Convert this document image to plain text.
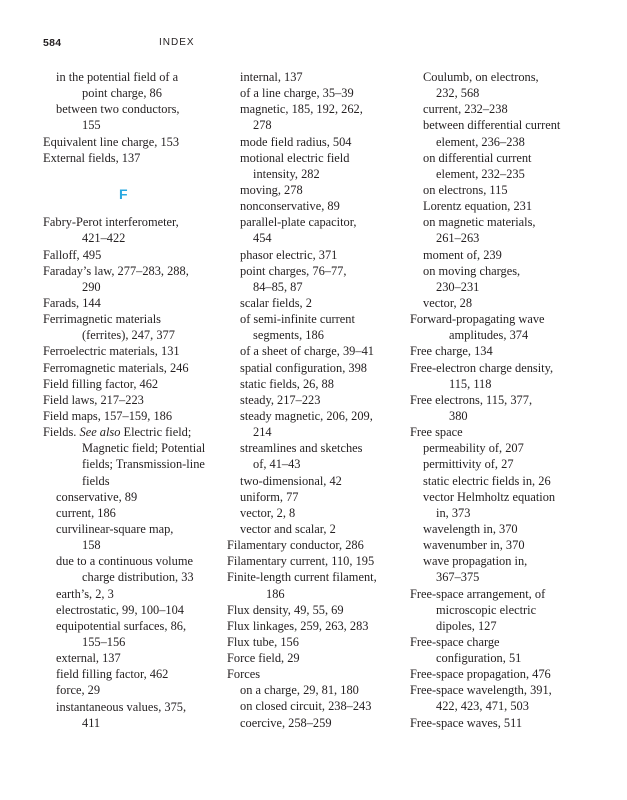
584	INDEX
in the potential field of a
point charge, 86
between two conductors,
155
Equivalent line charge, 153
External fields, 137
F
Fabry-Perot interferometer,
421–422
Falloff, 495
Faraday’s law, 277–283, 288,
290
Farads, 144
Ferrimagnetic materials
(ferrites), 247, 377
Ferroelectric materials, 131
Ferromagnetic materials, 246
Field filling factor, 462
Field laws, 217–223
Field maps, 157–159, 186
Fields. See also Electric field;
Magnetic field; Potential
fields; Transmission-line
fields
conservative, 89
current, 186
curvilinear-square map,
158
due to a continuous volume
charge distribution, 33
earth’s, 2, 3
electrostatic, 99, 100–104
equipotential surfaces, 86,
155–156
external, 137
field filling factor, 462
force, 29
instantaneous values, 375,
411
internal, 137
of a line charge, 35–39
magnetic, 185, 192, 262,
278
mode field radius, 504
motional electric field
intensity, 282
moving, 278
nonconservative, 89
parallel-plate capacitor,
454
phasor electric, 371
point charges, 76–77,
84–85, 87
scalar fields, 2
of semi-infinite current
segments, 186
of a sheet of charge, 39–41
spatial configuration, 398
static fields, 26, 88
steady, 217–223
steady magnetic, 206, 209,
214
streamlines and sketches
of, 41–43
two-dimensional, 42
uniform, 77
vector, 2, 8
vector and scalar, 2
Filamentary conductor, 286
Filamentary current, 110, 195
Finite-length current filament,
186
Flux density, 49, 55, 69
Flux linkages, 259, 263, 283
Flux tube, 156
Force field, 29
Forces
on a charge, 29, 81, 180
on closed circuit, 238–243
coercive, 258–259
Coulumb, on electrons,
232, 568
current, 232–238
between differential current
element, 236–238
on differential current
element, 232–235
on electrons, 115
Lorentz equation, 231
on magnetic materials,
261–263
moment of, 239
on moving charges,
230–231
vector, 28
Forward-propagating wave
amplitudes, 374
Free charge, 134
Free-electron charge density,
115, 118
Free electrons, 115, 377,
380
Free space
permeability of, 207
permittivity of, 27
static electric fields in, 26
vector Helmholtz equation
in, 373
wavelength in, 370
wavenumber in, 370
wave propagation in,
367–375
Free-space arrangement, of
microscopic electric
dipoles, 127
Free-space charge
configuration, 51
Free-space propagation, 476
Free-space wavelength, 391,
422, 423, 471, 503
Free-space waves, 511
